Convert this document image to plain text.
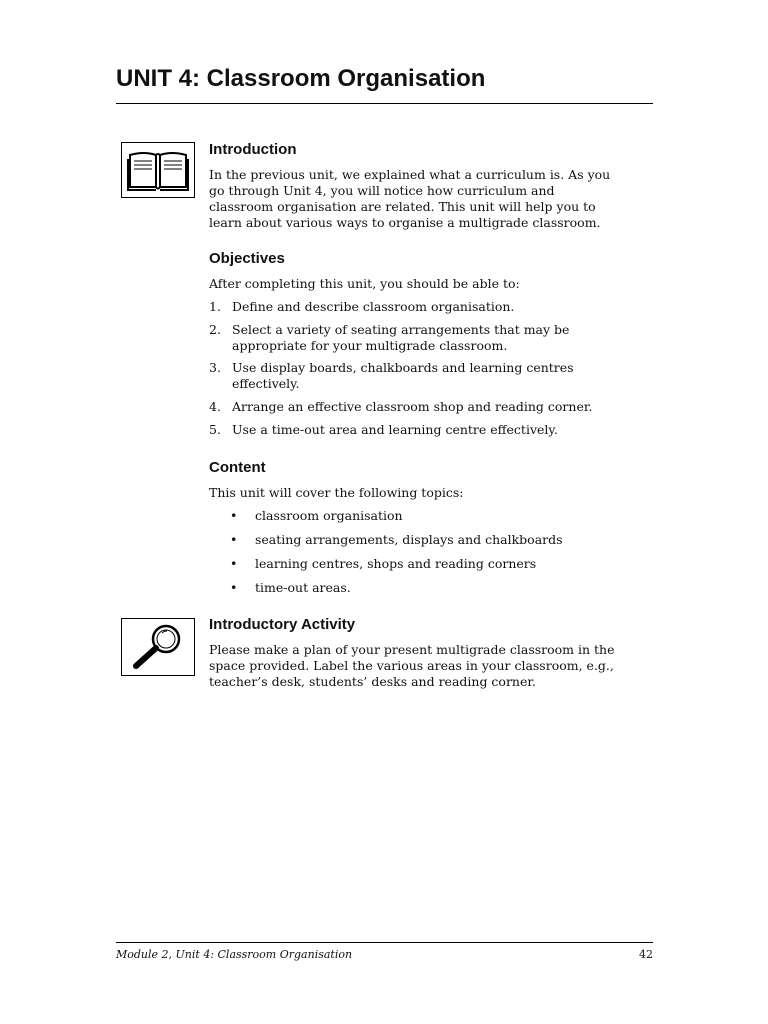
UNIT 4: Classroom Organisation
Introduction
In the previous unit, we explained what a curriculum is. As you
go through Unit 4, you will notice how curriculum and
classroom organisation are related. This unit will help you to
learn about various ways to organise a multigrade classroom.
Objectives
After completing this unit, you should be able to:
1. Define and describe classroom organisation.
2. Select a variety of seating arrangements that may be
appropriate for your multigrade classroom.
3. Use display boards, chalkboards and learning centres
effectively.
4. Arrange an effective classroom shop and reading corner.
5. Use a time-out area and learning centre effectively.
Content
This unit will cover the following topics:
• classroom organisation
• seating arrangements, displays and chalkboards
• learning centres, shops and reading corners
• time-out areas.
Introductory Activity
Please make a plan of your present multigrade classroom in the
space provided. Label the various areas in your classroom, e.g.,
teacher’s desk, students’ desks and reading corner.
Module 2, Unit 4: Classroom Organisation	42
